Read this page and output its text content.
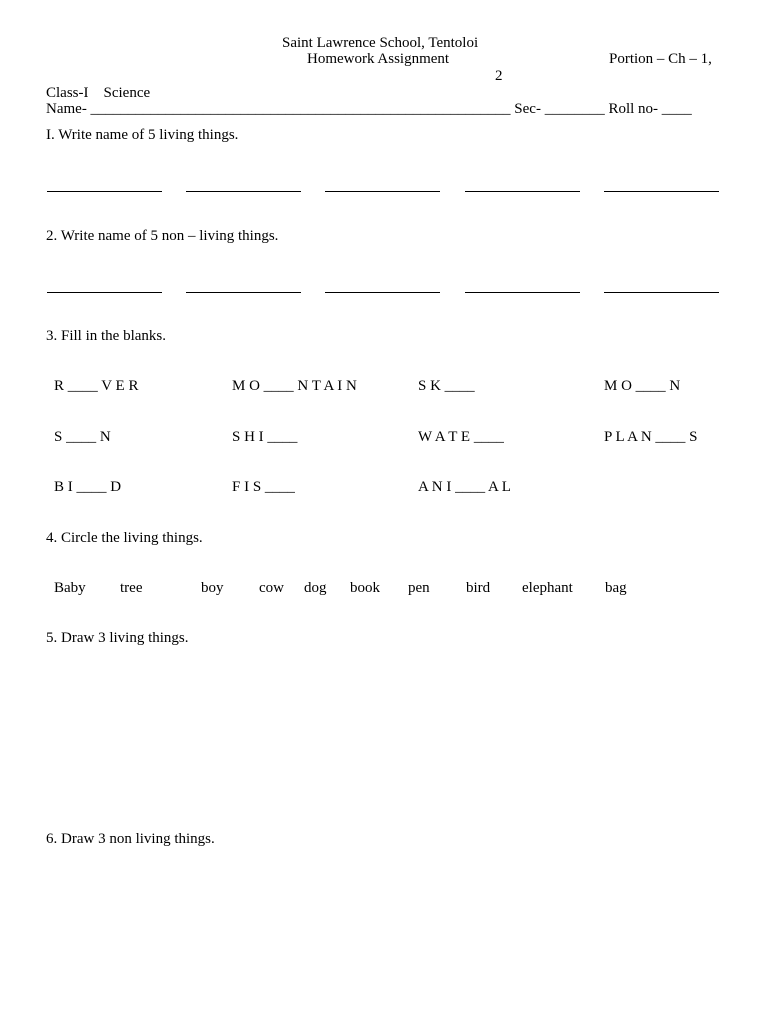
Saint Lawrence School, Tentoloi
Homework Assignment	Portion – Ch – 1,
2
Class-I    Science
Name- ________________________________________________________ Sec- ________ Roll no- ____
I. Write name of 5 living things.
2. Write name of 5 non – living things.
3. Fill in the blanks.
R ____ V E R	M O ____ N T A I N	S K ____	M O ____ N
S ____ N	S H I ____	W A T E ____	P L A N ____ S
B I ____ D	F I S ____	A N I ____ A L
4. Circle the living things.
Baby tree	boy cow dog book pen bird elephant bag
5. Draw 3 living things.
6. Draw 3 non living things.
